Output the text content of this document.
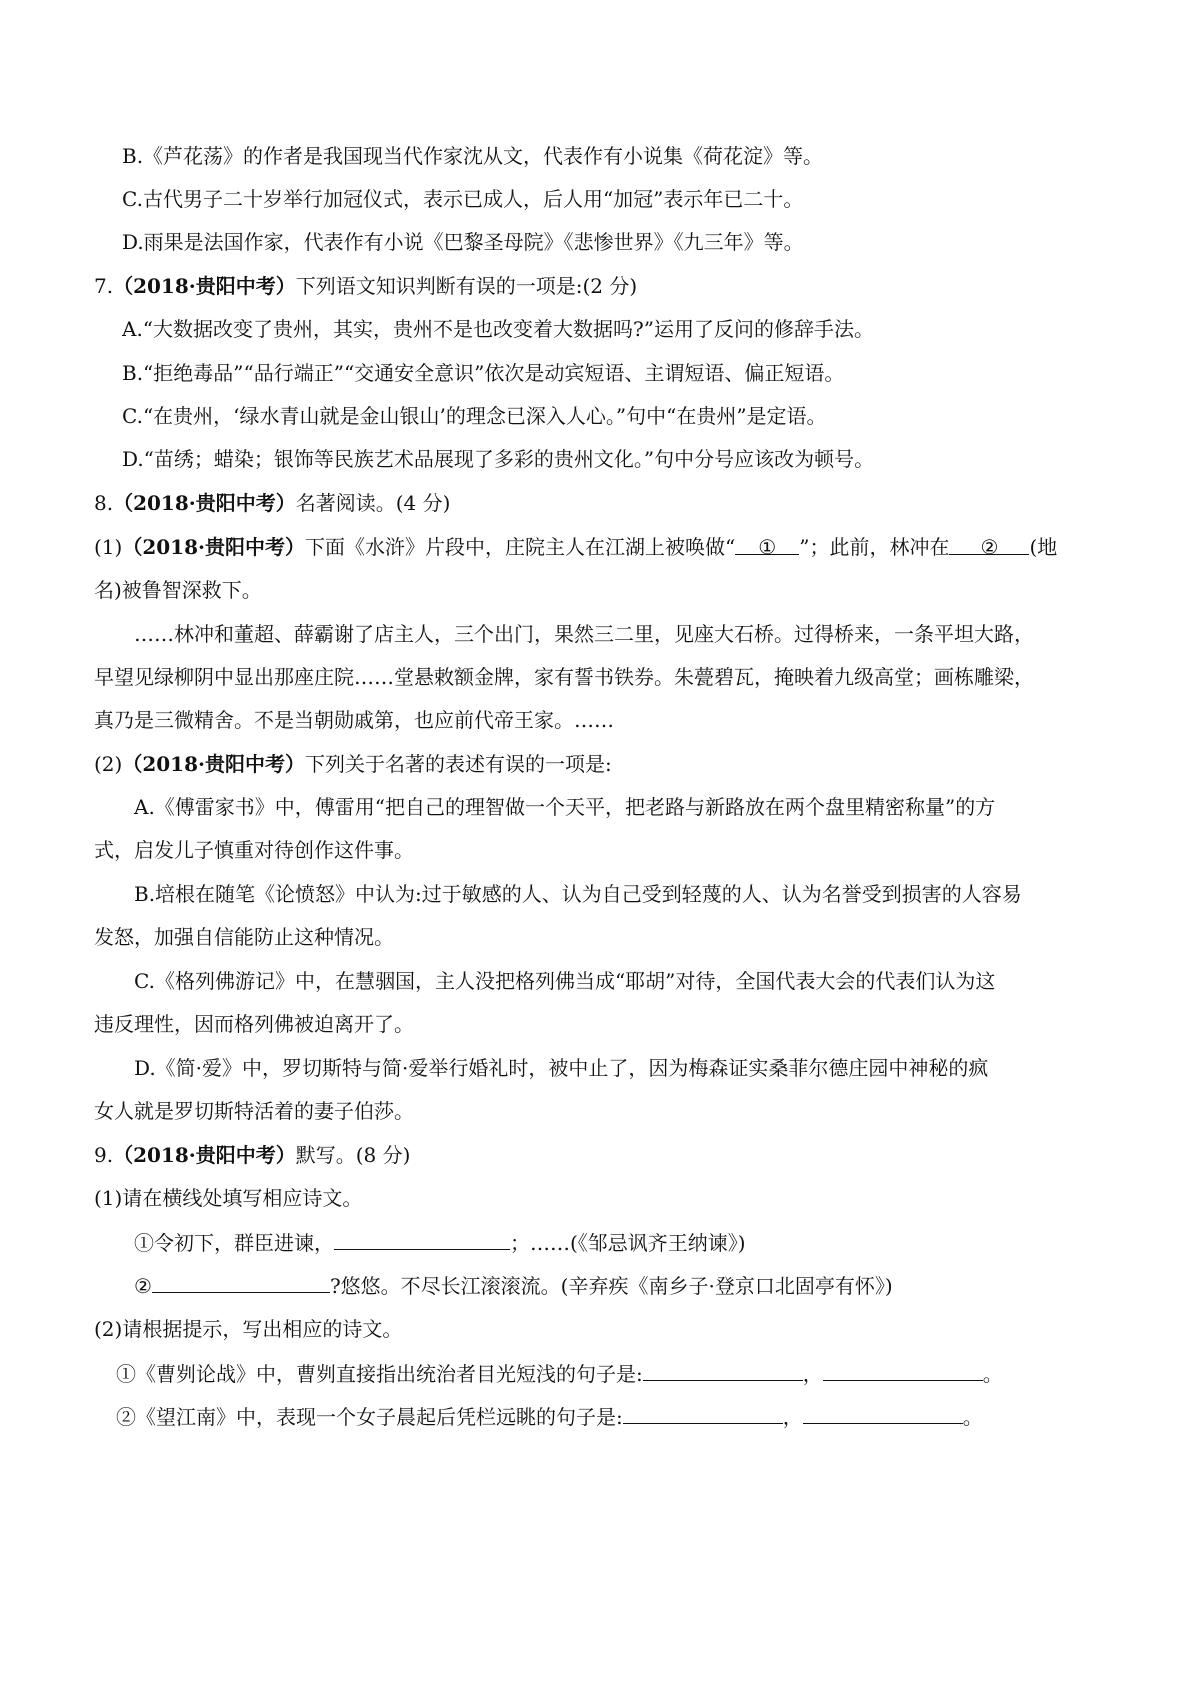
B.《芦花荡》的作者是我国现当代作家沈从文，代表作有小说集《荷花淀》等。
C.古代男子二十岁举行加冠仪式，表示已成人，后人用“加冠”表示年已二十。
D.雨果是法国作家，代表作有小说《巴黎圣母院》《悲惨世界》《九三年》等。
7.（2018·贵阳中考）下列语文知识判断有误的一项是:(2 分)
A.“大数据改变了贵州，其实，贵州不是也改变着大数据吗?”运用了反问的修辞手法。
B.“拒绝毒品”“品行端正”“交通安全意识”依次是动宾短语、主谓短语、偏正短语。
C.“在贵州，‘绿水青山就是金山银山’的理念已深入人心。”句中“在贵州”是定语。
D.“苗绣；蜡染；银饰等民族艺术品展现了多彩的贵州文化。”句中分号应该改为顿号。
8.（2018·贵阳中考）名著阅读。(4 分)
(1)（2018·贵阳中考）下面《水浒》片段中，庄院主人在江湖上被唤做“ ① ”；此前，林冲在 ② (地
名)被鲁智深救下。
……林冲和董超、薛霸谢了店主人，三个出门，果然三二里，见座大石桥。过得桥来，一条平坦大路，
早望见绿柳阴中显出那座庄院……堂悬敕额金牌，家有誓书铁券。朱甍碧瓦，掩映着九级高堂；画栋雕梁，
真乃是三微精舍。不是当朝勋戚第，也应前代帝王家。……
(2)（2018·贵阳中考）下列关于名著的表述有误的一项是:
A.《傅雷家书》中，傅雷用“把自己的理智做一个天平，把老路与新路放在两个盘里精密称量”的方
式，启发儿子慎重对待创作这件事。
B.培根在随笔《论愤怒》中认为:过于敏感的人、认为自己受到轻蔑的人、认为名誉受到损害的人容易
发怒，加强自信能防止这种情况。
C.《格列佛游记》中，在慧骃国，主人没把格列佛当成“耶胡”对待，全国代表大会的代表们认为这
违反理性，因而格列佛被迫离开了。
D.《简·爱》中，罗切斯特与简·爱举行婚礼时，被中止了，因为梅森证实桑菲尔德庄园中神秘的疯
女人就是罗切斯特活着的妻子伯莎。
9.（2018·贵阳中考）默写。(8 分)
(1)请在横线处填写相应诗文。
①令初下，群臣进谏，	；……(《邹忌讽齐王纳谏》)
②	?悠悠。不尽长江滚滚流。(辛弃疾《南乡子·登京口北固亭有怀》)
(2)请根据提示，写出相应的诗文。
①《曹刿论战》中，曹刿直接指出统治者目光短浅的句子是:	，	。
②《望江南》中，表现一个女子晨起后凭栏远眺的句子是:	，	。
